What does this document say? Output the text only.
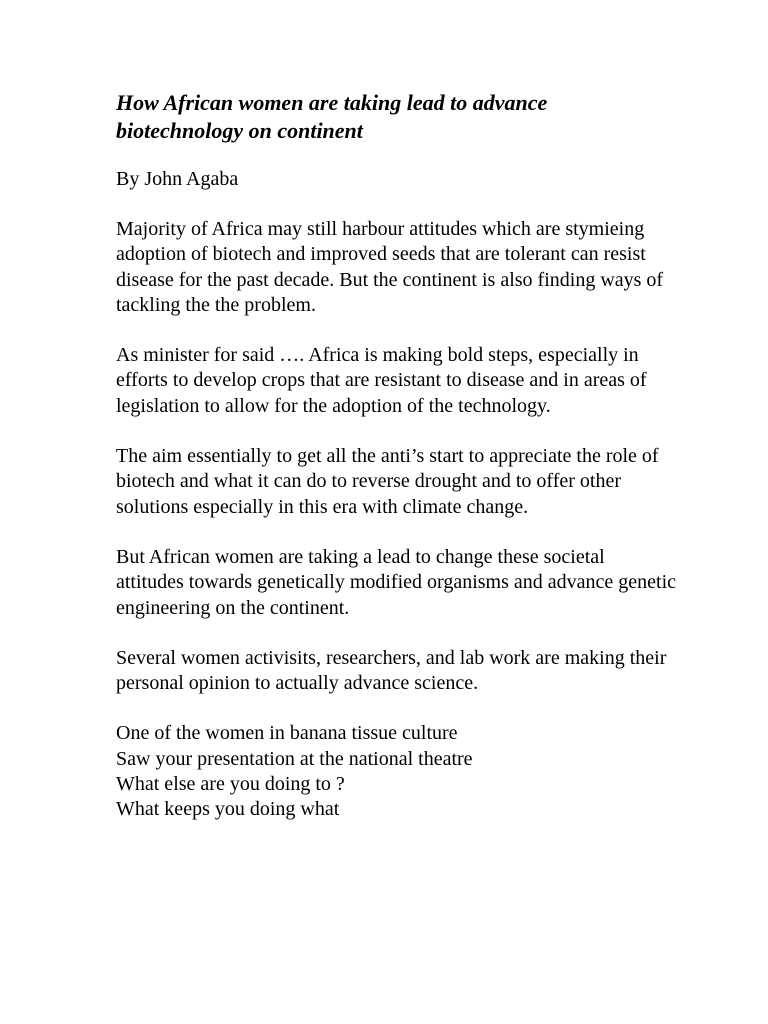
How African women are taking lead to advance biotechnology on continent
By John Agaba
Majority of Africa may still harbour attitudes which are stymieing adoption of biotech and improved seeds that are tolerant can resist disease for the past decade. But the continent is also finding ways of tackling the the problem.
As minister for said …. Africa is making bold steps, especially in efforts to develop crops that are resistant to disease and in areas of legislation to allow for the adoption of the technology.
The aim essentially to get all the anti’s start to appreciate the role of biotech and what it can do to reverse drought and to offer other solutions especially in this era with climate change.
But African women are taking a lead to change these societal attitudes towards genetically modified organisms and advance genetic engineering on the continent.
Several women activisits, researchers, and lab work are making their personal opinion to actually advance science.
One of the women in banana tissue culture
Saw your presentation at the national theatre
What else are you doing to ?
What keeps you doing what
